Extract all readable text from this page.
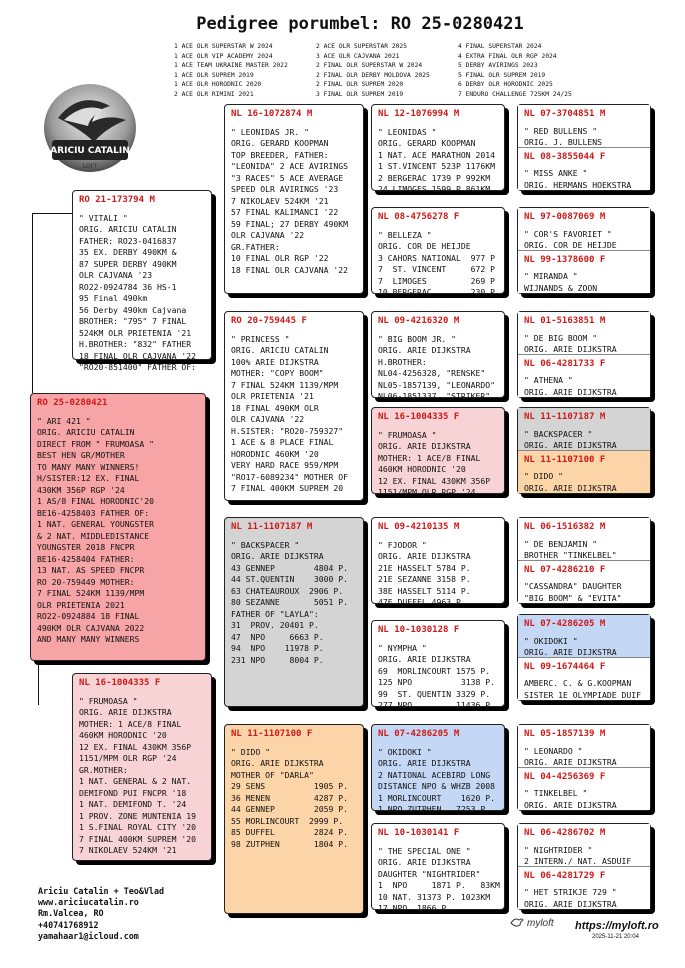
Pedigree porumbel: RO 25-0280421
1 ACE OLR SUPERSTAR W 2024
1 ACE OLR VIP ACADEMY 2024
1 ACE TEAM UKRAINE MASTER 2022
1 ACE OLR SUPREM 2019
1 ACE OLR HORODNIC 2020
2 ACE OLR RIMINI 2021
2 ACE OLR SUPERSTAR 2025
3 ACE OLR CAJVANA 2021
2 FINAL OLR SUPERSTAR W 2024
2 FINAL OLR DERBY MOLDOVA 2025
2 FINAL OLR SUPREM 2020
3 FINAL OLR SUPREM 2019
4 FINAL SUPERSTAR 2024
4 EXTRA FINAL OLR RGP 2024
5 DERBY AVIRINGS 2023
5 FINAL OLR SUPREM 2019
6 DERBY OLR HORODNIC 2025
7 ENDURO CHALLENGE 725KM 24/25
ARICIU CATALIN
LOFT
RO 25-0280421
" ARI 421 "
ORIG. ARICIU CATALIN
DIRECT FROM " FRUMOASA "
BEST HEN GR/MOTHER
TO MANY MANY WINNERS!
H/SISTER:12 EX. FINAL
430KM 356P RGP '24
1 AS/8 FINAL HORODNIC'20
BE16-4258403 FATHER OF:
1 NAT. GENERAL YOUNGSTER
& 2 NAT. MIDDLEDISTANCE
YOUNGSTER 2018 FNCPR
BE16-4258404 FATHER:
13 NAT. AS SPEED FNCPR
RO 20-759449 MOTHER:
7 FINAL 524KM 1139/MPM
OLR PRIETENIA 2021
RO22-0924884 18 FINAL
490KM OLR CAJVANA 2022
AND MANY MANY WINNERS
RO 21-173794 M
" VITALI "
ORIG. ARICIU CATALIN
FATHER: RO23-0416837
35 EX. DERBY 490KM &
87 SUPER DERBY 490KM
OLR CAJVANA '23
RO22-0924784 36 HS-1
95 Final 490km
56 Derby 490km Cajvana
BROTHER: "795" 7 FINAL
524KM OLR PRIETENIA '21
H.BROTHER: "832" FATHER
18 FINAL OLR CAJVANA '22
"RO20-851400" FATHER OF:
NL 16-1004335 F
" FRUMOASA "
ORIG. ARIE DIJKSTRA
MOTHER: 1 ACE/8 FINAL
460KM HORODNIC '20
12 EX. FINAL 430KM 356P
1151/MPM OLR RGP '24
GR.MOTHER:
1 NAT. GENERAL & 2 NAT.
DEMIFOND PUI FNCPR '18
1 NAT. DEMIFOND T. '24
1 PROV. ZONE MUNTENIA 19
1 S.FINAL ROYAL CITY '20
7 FINAL 400KM SUPREM '20
7 NIKOLAEV 524KM '21
NL 16-1072874 M
" LEONIDAS JR. "
ORIG. GERARD KOOPMAN
TOP BREEDER, FATHER:
"LEONIDA" 2 ACE AVIRINGS
"3 RACES" 5 ACE AVERAGE
SPEED OLR AVIRINGS '23
7 NIKOLAEV 524KM '21
57 FINAL KALIMANCI '22
59 FINAL; 27 DERBY 490KM
OLR CAJVANA '22
GR.FATHER:
10 FINAL OLR RGP '22
18 FINAL OLR CAJVANA '22
RO 20-759445 F
" PRINCESS "
ORIG. ARICIU CATALIN
100% ARIE DIJKSTRA
MOTHER: "COPY BOOM"
7 FINAL 524KM 1139/MPM
OLR PRIETENIA '21
18 FINAL 490KM OLR
OLR CAJVANA '22
H.SISTER: "RO20-759327"
1 ACE & 8 PLACE FINAL
HORODNIC 460KM '20
VERY HARD RACE 959/MPM
"RO17-6089234" MOTHER OF
7 FINAL 400KM SUPREM 20
NL 11-1107187 M
" BACKSPACER "
ORIG. ARIE DIJKSTRA
43 GENNEP        4804 P.
44 ST.QUENTIN    3000 P.
63 CHATEAUROUX  2906 P.
80 SEZANNE       5051 P.
FATHER OF "LAYLA":
31  PROV. 20401 P.
47  NPO     6663 P.
94  NPO    11978 P.
231 NPO     8004 P.
NL 11-1107100 F
" DIDO "
ORIG. ARIE DIJKSTRA
MOTHER OF "DARLA"
29 SENS          1905 P.
36 MENEN         4287 P.
44 GENNEP        2059 P.
55 MORLINCOURT  2999 P.
85 DUFFEL        2824 P.
98 ZUTPHEN       1804 P.
NL 12-1076994 M
" LEONIDAS "
ORIG. GERARD KOOPMAN
1 NAT. ACE MARATHON 2014
1 ST.VINCENT 523P 1176KM
2 BERGERAC 1739 P 992KM
24 LIMOGES 1599 P 861KM
NL 08-4756278 F
" BELLEZA "
ORIG. COR DE HEIJDE
3 CAHORS NATIONAL  977 P
7  ST. VINCENT     672 P
7  LIMOGES         269 P
10 BERGERAC        230 P
NL 09-4216320 M
" BIG BOOM JR. "
ORIG. ARIE DIJKSTRA
H.BROTHER:
NL04-4256328, "RENSKE"
NL05-1857139, "LEONARDO"
NL06-1851337, "STRIKER"
NL 16-1004335 F
" FRUMOASA "
ORIG. ARIE DIJKSTRA
MOTHER: 1 ACE/8 FINAL
460KM HORODNIC '20
12 EX. FINAL 430KM 356P
1151/MPM OLR RGP '24
NL 09-4210135 M
" FJODOR "
ORIG. ARIE DIJKSTRA
21E HASSELT 5784 P.
21E SEZANNE 3158 P.
38E HASSELT 5114 P.
47E DUFFEL 4963 P.
NL 10-1030128 F
" NYMPHA "
ORIG. ARIE DIJKSTRA
69  MORLINCOURT 1575 P.
125 NPO          3138 P.
99  ST. QUENTIN 3329 P.
277 NPO         11436 P.
NL 07-4286205 M
" OKIDOKI "
ORIG. ARIE DIJKSTRA
2 NATIONAL ACEBIRD LONG
DISTANCE NPO & WHZB 2008
1 MORLINCOURT    1620 P.
1 NPO ZUTPHEN   7253 P.
NL 10-1030141 F
" THE SPECIAL ONE "
ORIG. ARIE DIJKSTRA
DAUGHTER "NIGHTRIDER"
1  NPO     1871 P.   83KM
10 NAT. 31373 P. 1023KM
17 NPO  1866 P.
NL 07-3704851 M
" RED BULLENS "
ORIG. J. BULLENS
NL 08-3855044 F
" MISS ANKE "
ORIG. HERMANS HOEKSTRA
NL 97-0087069 M
" COR'S FAVORIET "
ORIG. COR DE HEIJDE
NL 99-1378600 F
" MIRANDA "
WIJNANDS & ZOON
NL 01-5163851 M
" DE BIG BOOM "
ORIG. ARIE DIJKSTRA
NL 06-4281733 F
" ATHENA "
ORIG. ARIE DIJKSTRA
NL 11-1107187 M
" BACKSPACER "
ORIG. ARIE DIJKSTRA
NL 11-1107100 F
" DIDO "
ORIG. ARIE DIJKSTRA
NL 06-1516382 M
" DE BENJAMIN "
BROTHER "TINKELBEL"
NL 07-4286210 F
"CASSANDRA" DAUGHTER
"BIG BOOM" & "EVITA"
NL 07-4286205 M
" OKIDOKI "
ORIG. ARIE DIJKSTRA
NL 09-1674464 F
AMBERC. C. & G.KOOPMAN
SISTER 1E OLYMPIADE DUIF
NL 05-1857139 M
" LEONARDO "
ORIG. ARIE DIJKSTRA
NL 04-4256369 F
" TINKELBEL "
ORIG. ARIE DIJKSTRA
NL 06-4286702 M
" NIGHTRIDER "
2 INTERN./ NAT. ASDUIF
NL 06-4281729 F
" HET STRIKJE 729 "
ORIG. ARIE DIJKSTRA
Ariciu Catalin + Teo&Vlad
www.ariciucatalin.ro
Rm.Valcea, RO
+40741768912
yamahaar1@icloud.com
myloft https://myloft.ro
2025-11-21 20:04
